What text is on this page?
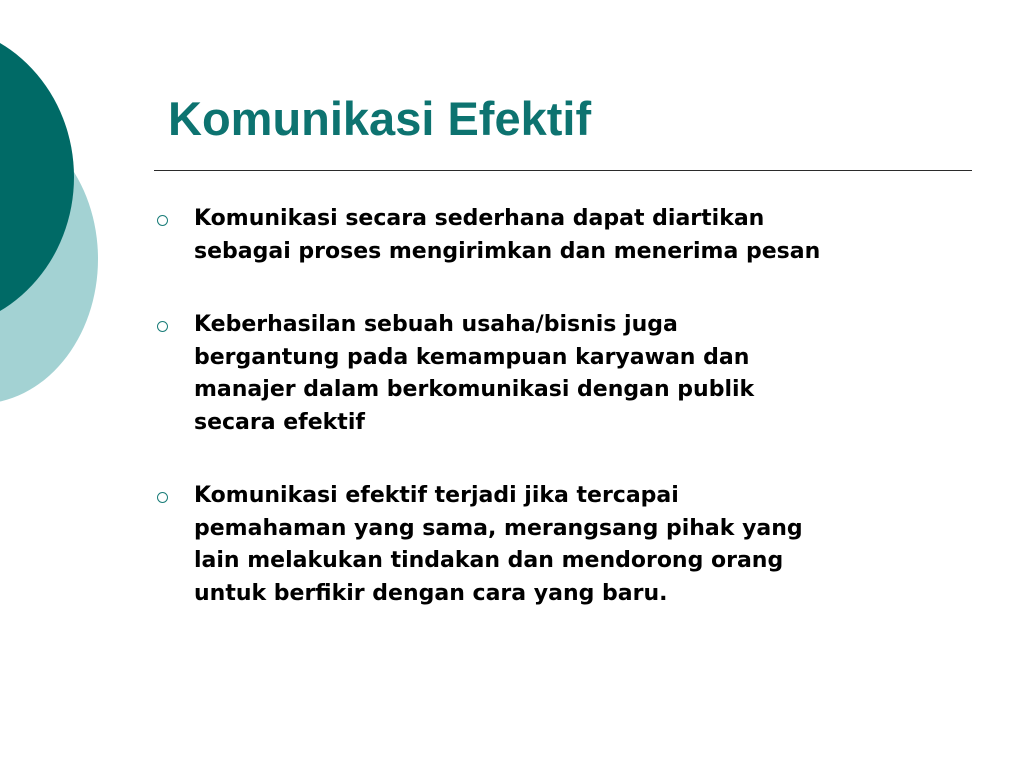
Komunikasi Efektif
Komunikasi secara sederhana dapat diartikan
sebagai proses mengirimkan dan menerima pesan
Keberhasilan sebuah usaha/bisnis juga
bergantung pada kemampuan karyawan dan
manajer dalam berkomunikasi dengan publik
secara efektif
Komunikasi efektif terjadi jika tercapai
pemahaman yang sama, merangsang pihak yang
lain melakukan tindakan dan mendorong orang
untuk berfikir dengan cara yang baru.
